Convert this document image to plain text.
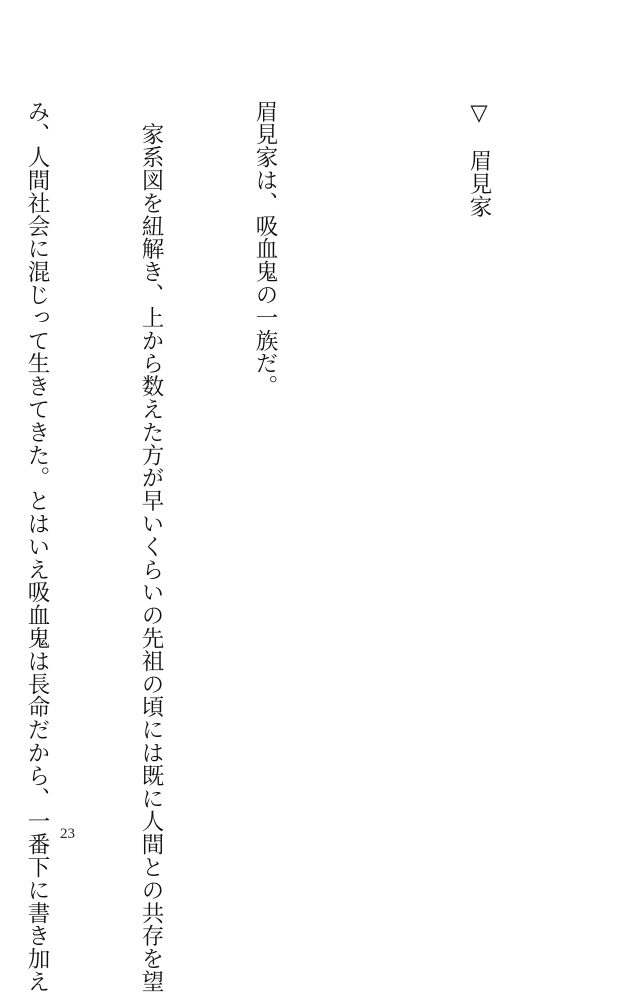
▽　眉見家

眉見家は、吸血鬼の一族だ。

　家系図を紐解き、上から数えた方が早いくらいの先祖の頃には既に人間との共存を望

み、人間社会に混じって生きてきた。とはいえ吸血鬼は長命だから、一番下に書き加え

23
